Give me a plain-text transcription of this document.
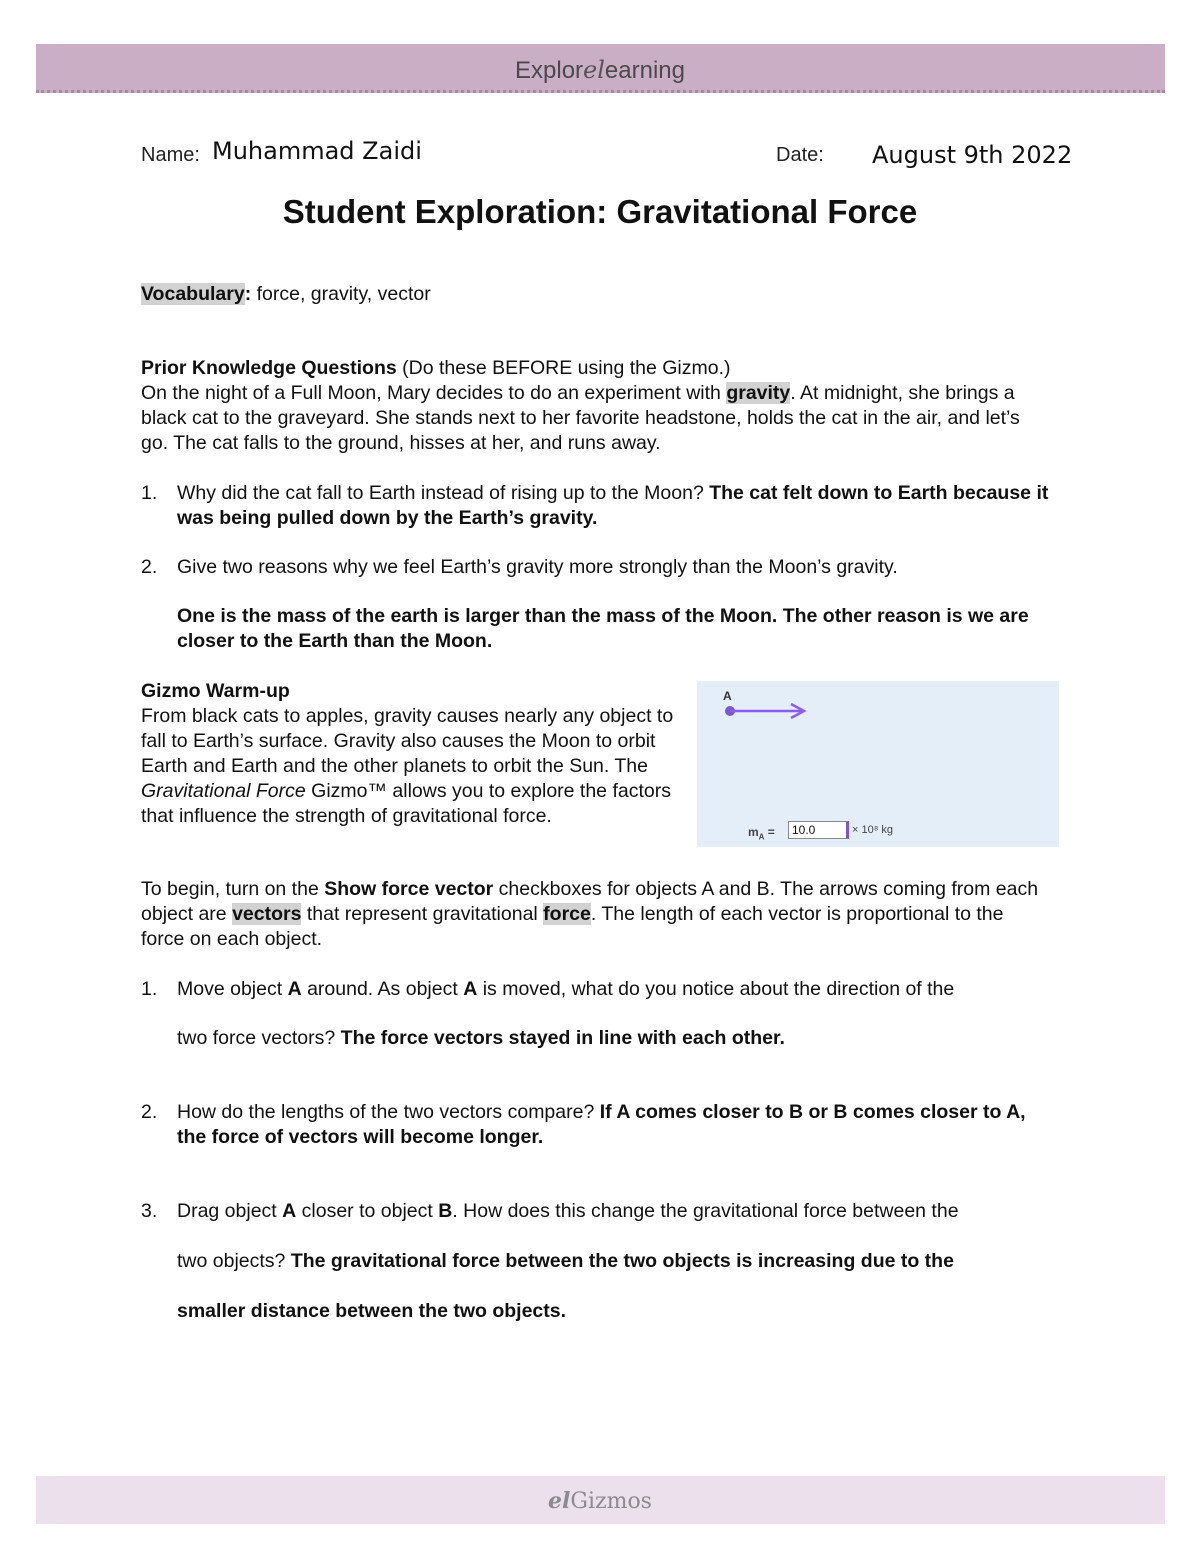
Explorelearning
Name: Muhammad Zaidi	Date: August 9th 2022
Student Exploration: Gravitational Force
Vocabulary: force, gravity, vector
Prior Knowledge Questions (Do these BEFORE using the Gizmo.)
On the night of a Full Moon, Mary decides to do an experiment with gravity. At midnight, she brings a black cat to the graveyard. She stands next to her favorite headstone, holds the cat in the air, and let’s go. The cat falls to the ground, hisses at her, and runs away.
1. Why did the cat fall to Earth instead of rising up to the Moon? The cat felt down to Earth because it was being pulled down by the Earth’s gravity.
2. Give two reasons why we feel Earth’s gravity more strongly than the Moon’s gravity.
One is the mass of the earth is larger than the mass of the Moon. The other reason is we are closer to the Earth than the Moon.
Gizmo Warm-up
From black cats to apples, gravity causes nearly any object to fall to Earth’s surface. Gravity also causes the Moon to orbit Earth and Earth and the other planets to orbit the Sun. The Gravitational Force Gizmo™ allows you to explore the factors that influence the strength of gravitational force.
A
$m_A$ =	10.0	× 10⁸ kg
To begin, turn on the Show force vector checkboxes for objects A and B. The arrows coming from each object are vectors that represent gravitational force. The length of each vector is proportional to the force on each object.
1. Move object A around. As object A is moved, what do you notice about the direction of the
two force vectors? The force vectors stayed in line with each other.
2. How do the lengths of the two vectors compare? If A comes closer to B or B comes closer to A, the force of vectors will become longer.
3. Drag object A closer to object B. How does this change the gravitational force between the
two objects? The gravitational force between the two objects is increasing due to the
smaller distance between the two objects.
elGizmos
